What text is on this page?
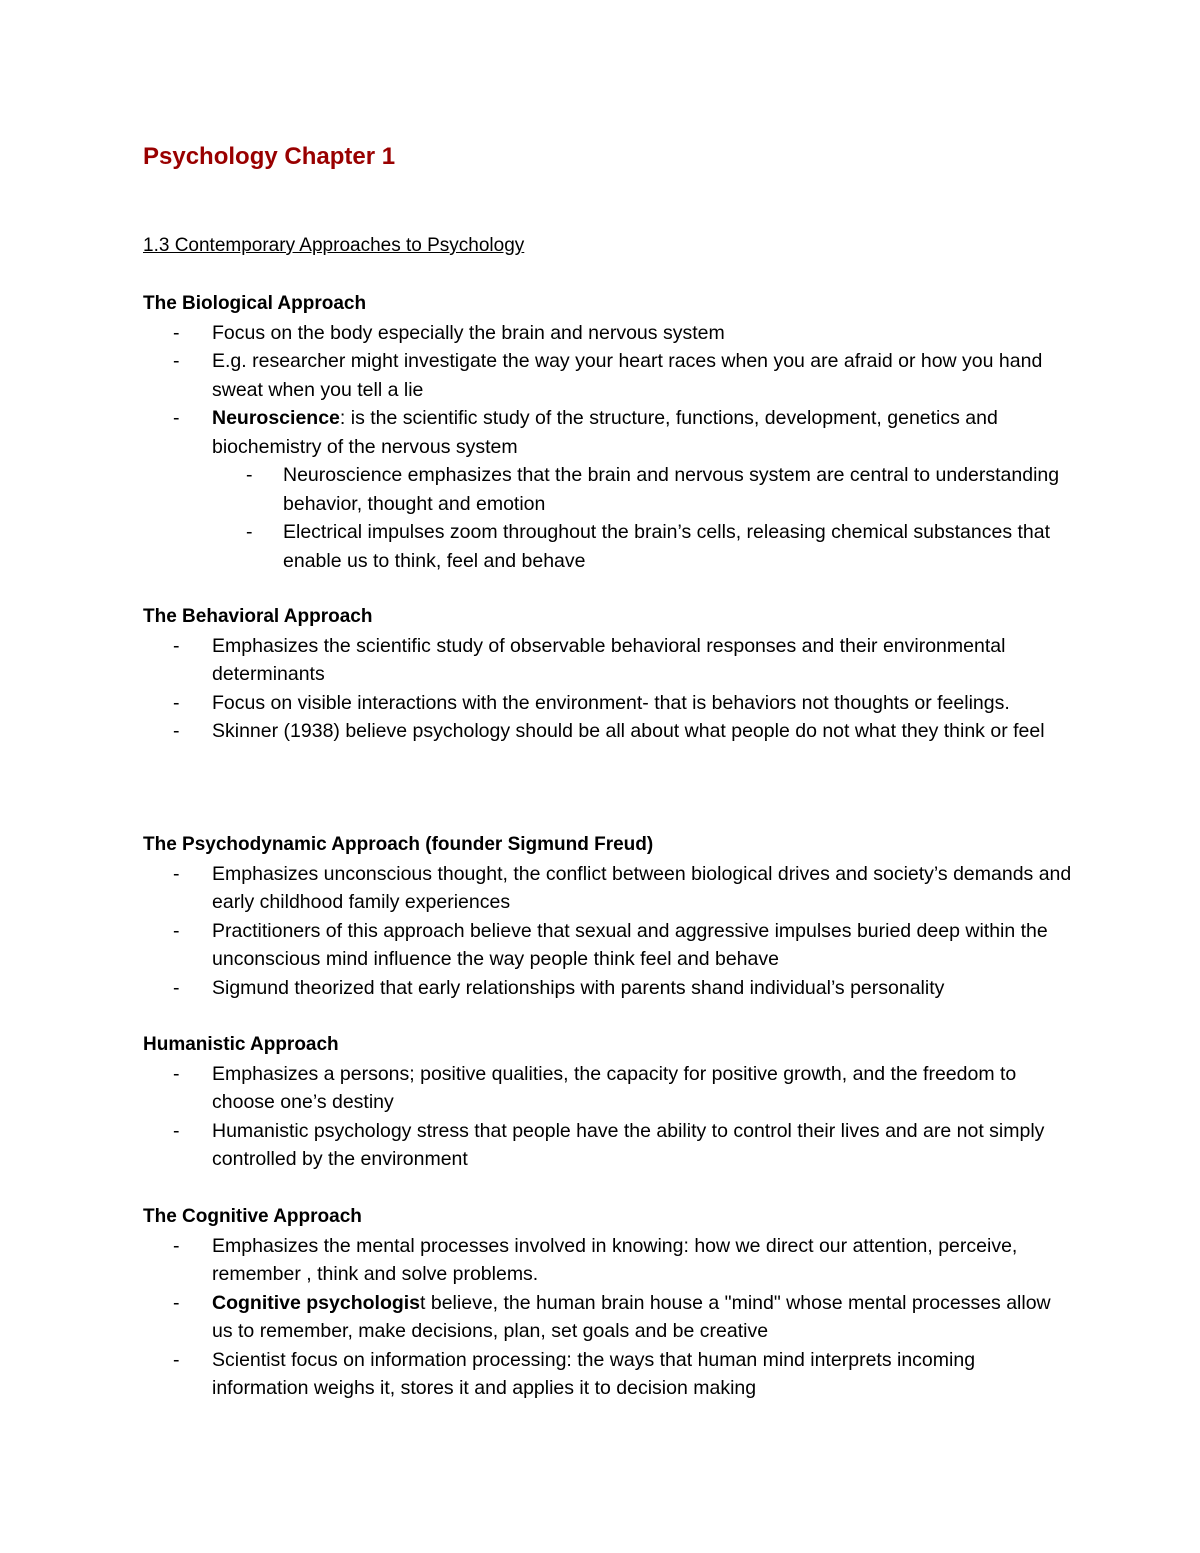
Psychology Chapter 1
1.3 Contemporary Approaches to Psychology
The Biological Approach
- Focus on the body especially the brain and nervous system
- E.g. researcher might investigate the way your heart races when you are afraid or how you hand sweat when you tell a lie
- Neuroscience: is the scientific study of the structure, functions, development, genetics and biochemistry of the nervous system
- Neuroscience emphasizes that the brain and nervous system are central to understanding behavior, thought and emotion
- Electrical impulses zoom throughout the brain’s cells, releasing chemical substances that enable us to think, feel and behave
The Behavioral Approach
- Emphasizes the scientific study of observable behavioral responses and their environmental determinants
- Focus on visible interactions with the environment- that is behaviors not thoughts or feelings.
- Skinner (1938) believe psychology should be all about what people do not what they think or feel
The Psychodynamic Approach (founder Sigmund Freud)
- Emphasizes unconscious thought, the conflict between biological drives and society’s demands and early childhood family experiences
- Practitioners of this approach believe that sexual and aggressive impulses buried deep within the unconscious mind influence the way people think feel and behave
- Sigmund theorized that early relationships with parents shand individual’s personality
Humanistic Approach
- Emphasizes a persons; positive qualities, the capacity for positive growth, and the freedom to choose one’s destiny
- Humanistic psychology stress that people have the ability to control their lives and are not simply controlled by the environment
The Cognitive Approach
- Emphasizes the mental processes involved in knowing: how we direct our attention, perceive, remember , think and solve problems.
- Cognitive psychologist believe, the human brain house a "mind" whose mental processes allow us to remember, make decisions, plan, set goals and be creative
- Scientist focus on information processing: the ways that human mind interprets incoming information weighs it, stores it and applies it to decision making
